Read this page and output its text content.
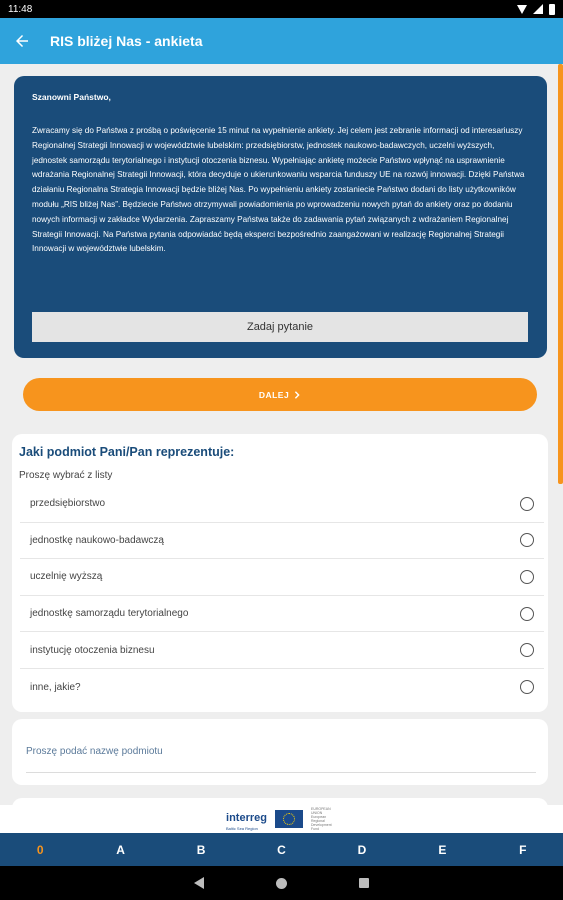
11:48
RIS bliżej Nas - ankieta

Szanowni Państwo,

Zwracamy się do Państwa z prośbą o poświęcenie 15 minut na wypełnienie ankiety. Jej celem jest zebranie informacji od interesariuszy Regionalnej Strategii Innowacji w województwie lubelskim: przedsiębiorstw, jednostek naukowo-badawczych, uczelni wyższych, jednostek samorządu terytorialnego i instytucji otoczenia biznesu. Wypełniając ankietę możecie Państwo wpłynąć na usprawnienie wdrażania Regionalnej Strategii Innowacji, która decyduje o ukierunkowaniu wsparcia funduszy UE na rozwój innowacji. Dzięki Państwa działaniu Regionalna Strategia Innowacji będzie bliżej Nas. Po wypełnieniu ankiety zostaniecie Państwo dodani do listy użytkowników modułu „RIS bliżej Nas”. Będziecie Państwo otrzymywali powiadomienia po wprowadzeniu nowych pytań do ankiety oraz po dodaniu nowych informacji w zakładce Wydarzenia. Zapraszamy Państwa także do zadawania pytań związanych z wdrażaniem Regionalnej Strategii Innowacji. Na Państwa pytania odpowiadać będą eksperci bezpośrednio zaangażowani w realizację Regionalnej Strategii Innowacji w województwie lubelskim.

Zadaj pytanie
DALEJ
Jaki podmiot Pani/Pan reprezentuje:
Proszę wybrać z listy
przedsiębiorstwo
jednostkę naukowo-badawczą
uczelnię wyższą
jednostkę samorządu terytorialnego
instytucję otoczenia biznesu
inne, jakie?
Proszę podać nazwę podmiotu
interreg
Baltic Sea Region
EUROPEAN UNION European Regional Development Fund
0	A	B	C	D	E	F
